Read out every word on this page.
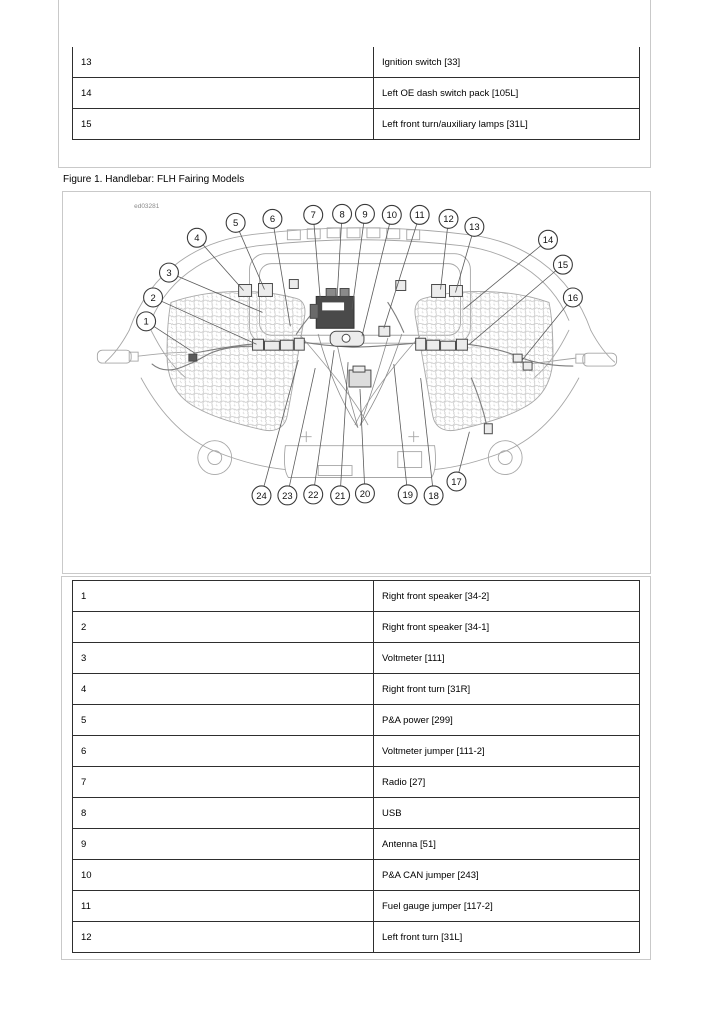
13	Ignition switch [33]
14	Left OE dash switch pack [105L]
15	Left front turn/auxiliary lamps [31L]
Figure 1. Handlebar: FLH Fairing Models
ed03281
1
2
3
4
5	6	7 8 9 10 11 12
13
14
15
16
17
18
19
20
21
22
23
24
1	Right front speaker [34-2]
2	Right front speaker [34-1]
3	Voltmeter [111]
4	Right front turn [31R]
5	P&A power [299]
6	Voltmeter jumper [111-2]
7	Radio [27]
8	USB
9	Antenna [51]
10	P&A CAN jumper [243]
11	Fuel gauge jumper [117-2]
12	Left front turn [31L]
